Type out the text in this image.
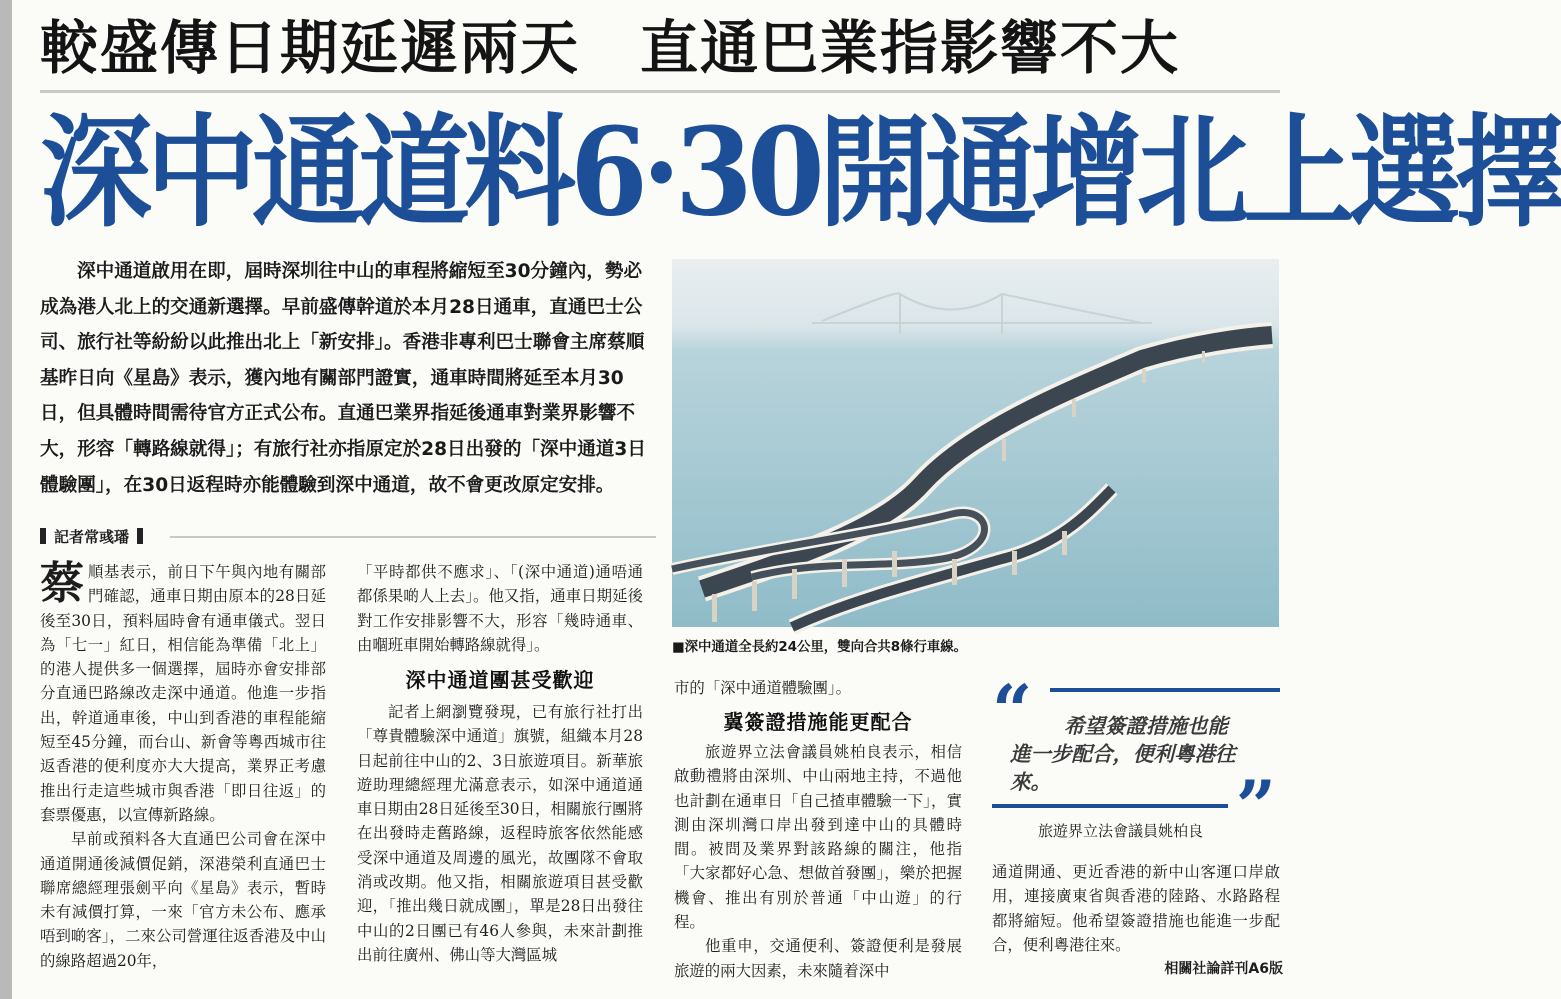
較盛傳日期延遲兩天　直通巴業指影響不大
深中通道料6·30開通增北上選擇

深中通道啟用在即，屆時深圳往中山的車程將縮短至30分鐘內，勢必成為港人北上的交通新選擇。早前盛傳幹道於本月28日通車，直通巴士公司、旅行社等紛紛以此推出北上「新安排」。香港非專利巴士聯會主席蔡順基昨日向《星島》表示，獲內地有關部門證實，通車時間將延至本月30日，但具體時間需待官方正式公布。直通巴業界指延後通車對業界影響不大，形容「轉路線就得」；有旅行社亦指原定於28日出發的「深中通道3日體驗團」，在30日返程時亦能體驗到深中通道，故不會更改原定安排。

記者常彧璠

蔡順基表示，前日下午與內地有關部門確認，通車日期由原本的28日延後至30日，預料屆時會有通車儀式。翌日為「七一」紅日，相信能為準備「北上」的港人提供多一個選擇，屆時亦會安排部分直通巴路線改走深中通道。他進一步指出，幹道通車後，中山到香港的車程能縮短至45分鐘，而台山、新會等粵西城市往返香港的便利度亦大大提高，業界正考慮推出行走這些城市與香港「即日往返」的套票優惠，以宣傳新路線。

早前或預料各大直通巴公司會在深中通道開通後減價促銷，深港榮利直通巴士聯席總經理張劍平向《星島》表示，暫時未有減價打算，一來「官方未公布、應承唔到啲客」，二來公司營運往返香港及中山的線路超過20年，

「平時都供不應求」、「(深中通道)通唔通都係果啲人上去」。他又指，通車日期延後對工作安排影響不大，形容「幾時通車、由嗰班車開始轉路線就得」。

深中通道團甚受歡迎

記者上網瀏覽發現，已有旅行社打出「尊貴體驗深中通道」旗號，組織本月28日起前往中山的2、3日旅遊項目。新華旅遊助理總經理尤滿意表示，如深中通道通車日期由28日延後至30日，相關旅行團將在出發時走舊路線，返程時旅客依然能感受深中通道及周邊的風光，故團隊不會取消或改期。他又指，相關旅遊項目甚受歡迎，「推出幾日就成團」，單是28日出發往中山的2日團已有46人參與，未來計劃推出前往廣州、佛山等大灣區城

■深中通道全長約24公里，雙向合共8條行車線。

市的「深中通道體驗團」。

冀簽證措施能更配合

旅遊界立法會議員姚柏良表示，相信啟動禮將由深圳、中山兩地主持，不過他也計劃在通車日「自己揸車體驗一下」，實測由深圳灣口岸出發到達中山的具體時間。被問及業界對該路線的關注，他指「大家都好心急、想做首發團」，樂於把握機會、推出有別於普通「中山遊」的行程。

他重申，交通便利、簽證便利是發展旅遊的兩大因素，未來隨着深中

“	希望簽證措施也能
進一步配合，便利粵港往來。	”
旅遊界立法會議員姚柏良

通道開通、更近香港的新中山客運口岸啟用，連接廣東省與香港的陸路、水路路程都將縮短。他希望簽證措施也能進一步配合，便利粵港往來。

相關社論詳刊A6版
